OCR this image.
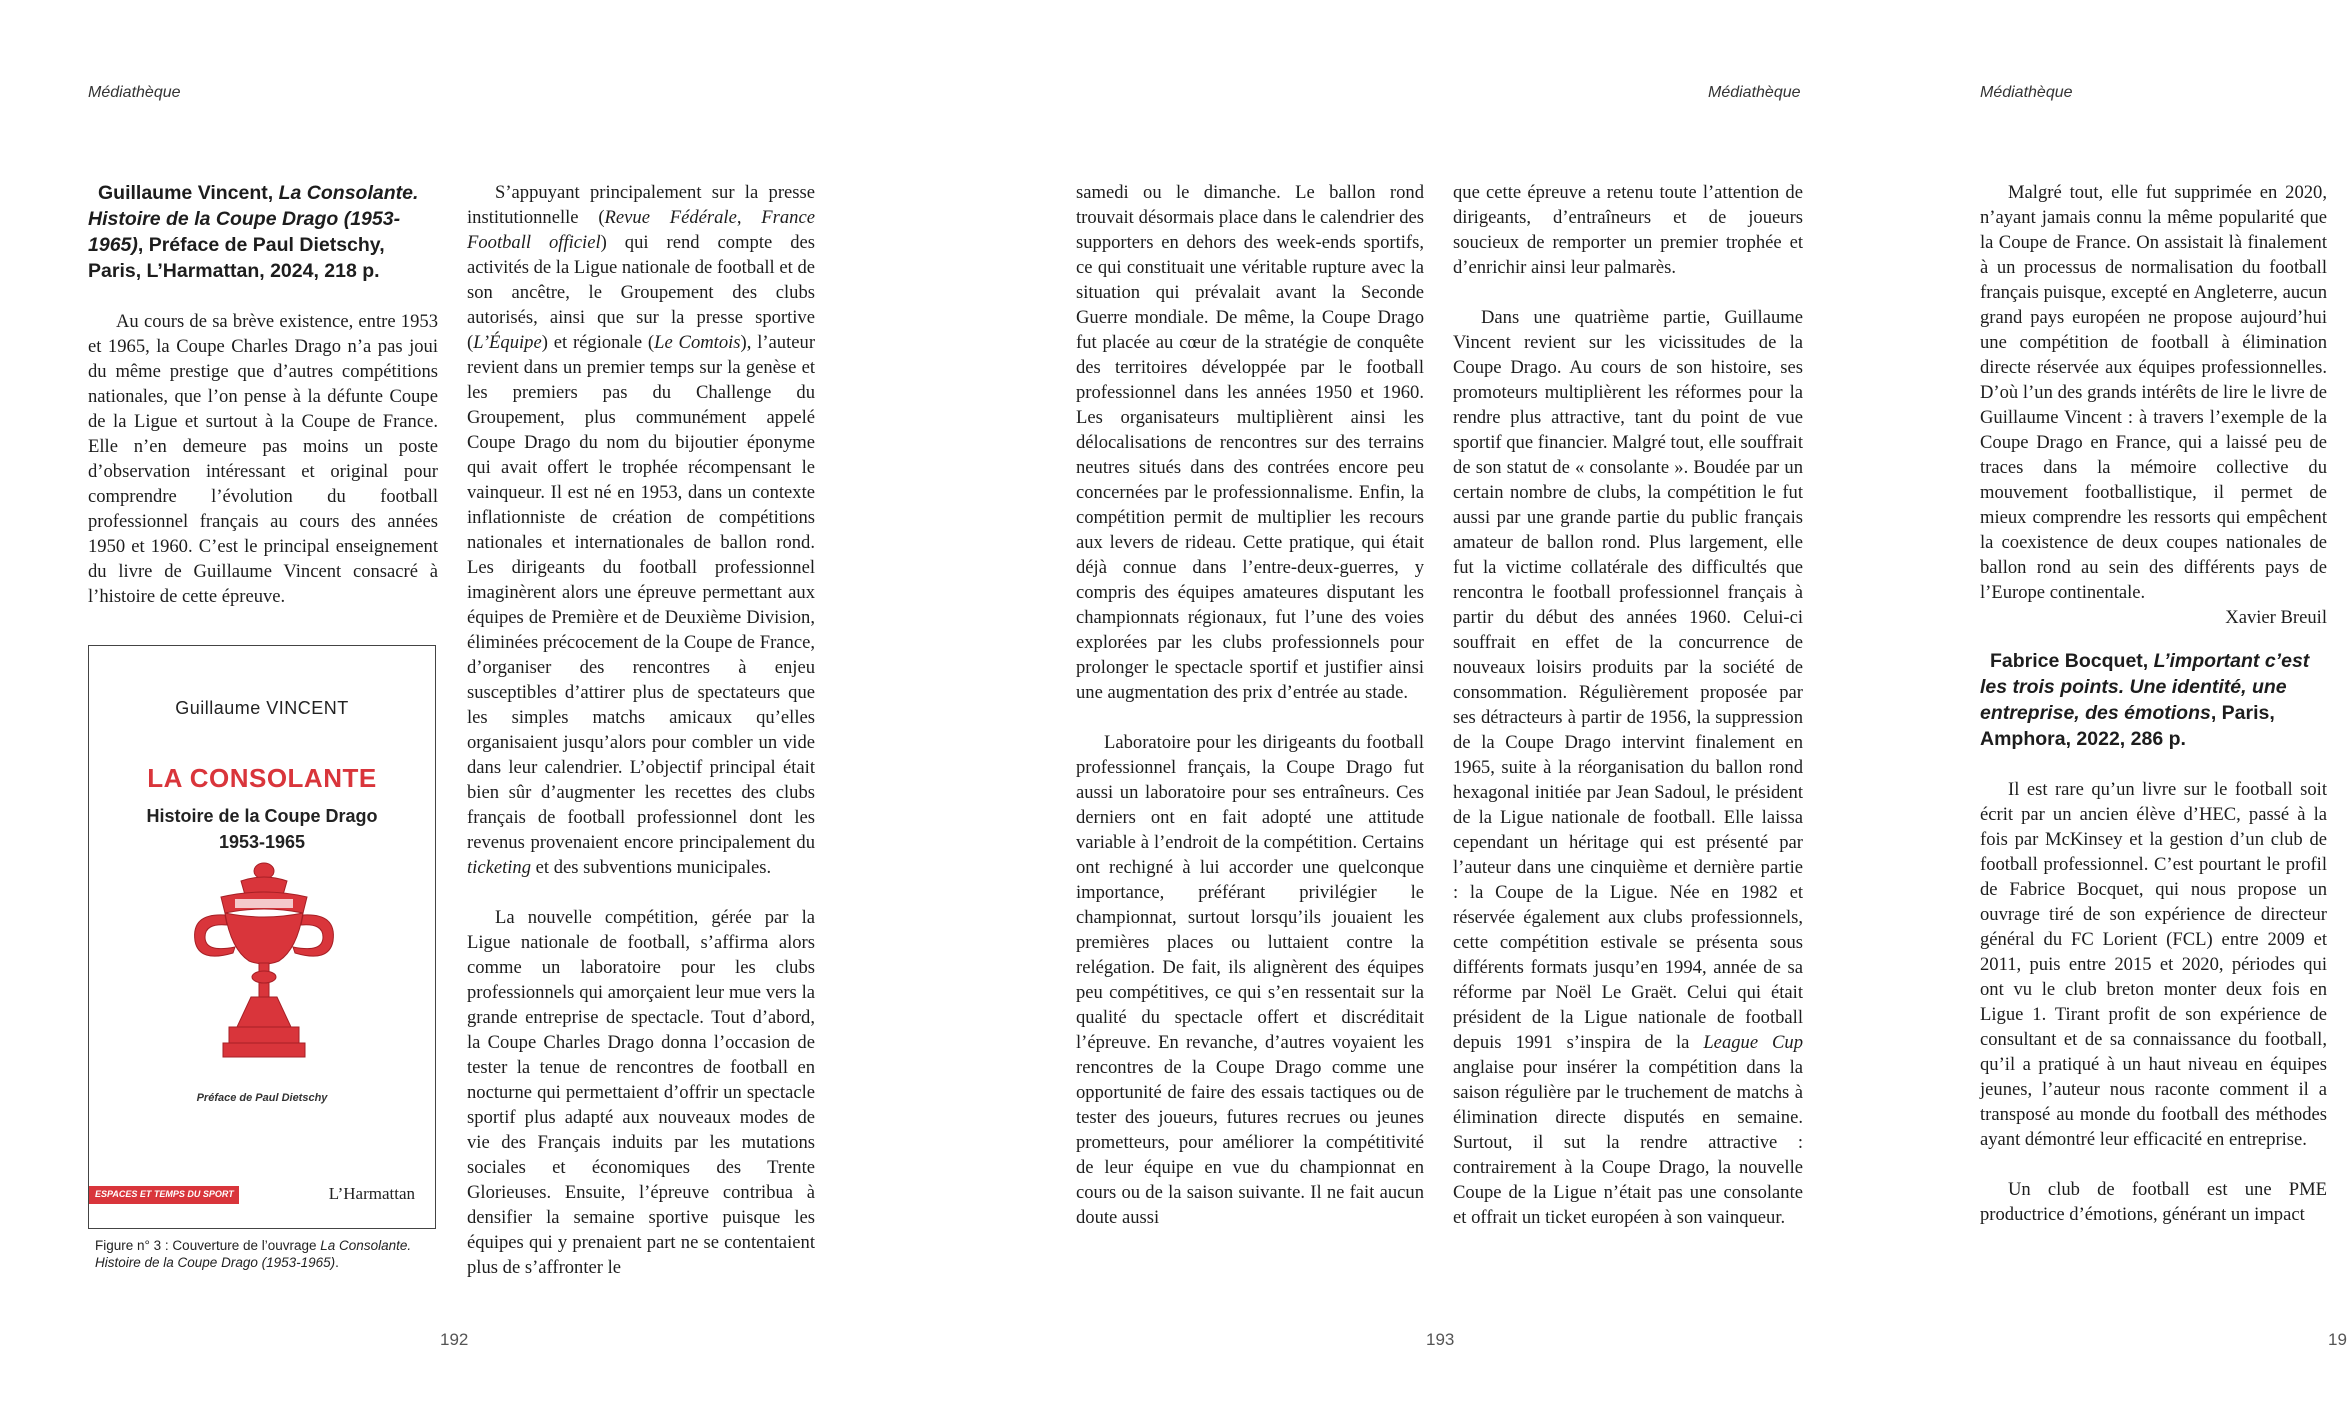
Médiathèque	Médiathèque	Médiathèque
Guillaume Vincent, La Consolante. Histoire de la Coupe Drago (1953-1965), Préface de Paul Dietschy, Paris, L’Harmattan, 2024, 218 p.

Au cours de sa brève existence, entre 1953 et 1965, la Coupe Charles Drago n’a pas joui du même prestige que d’autres compétitions nationales, que l’on pense à la défunte Coupe de la Ligue et surtout à la Coupe de France. Elle n’en demeure pas moins un poste d’observation intéressant et original pour comprendre l’évolution du football professionnel français au cours des années 1950 et 1960. C’est le principal enseignement du livre de Guillaume Vincent consacré à l’histoire de cette épreuve.

Guillaume VINCENT
LA CONSOLANTE
Histoire de la Coupe Drago
1953-1965
Préface de Paul Dietschy
ESPACES ET TEMPS DU SPORT	L’Harmattan
Figure n° 3 : Couverture de l’ouvrage La Consolante. Histoire de la Coupe Drago (1953-1965).

S’appuyant principalement sur la presse institutionnelle (Revue Fédérale, France Football officiel) qui rend compte des activités de la Ligue nationale de football et de son ancêtre, le Groupement des clubs autorisés, ainsi que sur la presse sportive (L’Équipe) et régionale (Le Comtois), l’auteur revient dans un premier temps sur la genèse et les premiers pas du Challenge du Groupement, plus communément appelé Coupe Drago du nom du bijoutier éponyme qui avait offert le trophée récompensant le vainqueur. Il est né en 1953, dans un contexte inflationniste de création de compétitions nationales et internationales de ballon rond. Les dirigeants du football professionnel imaginèrent alors une épreuve permettant aux équipes de Première et de Deuxième Division, éliminées précocement de la Coupe de France, d’organiser des rencontres à enjeu susceptibles d’attirer plus de spectateurs que les simples matchs amicaux qu’elles organisaient jusqu’alors pour combler un vide dans leur calendrier. L’objectif principal était bien sûr d’augmenter les recettes des clubs français de football professionnel dont les revenus provenaient encore principalement du ticketing et des subventions municipales.

La nouvelle compétition, gérée par la Ligue nationale de football, s’affirma alors comme un laboratoire pour les clubs professionnels qui amorçaient leur mue vers la grande entreprise de spectacle. Tout d’abord, la Coupe Charles Drago donna l’occasion de tester la tenue de rencontres de football en nocturne qui permettaient d’offrir un spectacle sportif plus adapté aux nouveaux modes de vie des Français induits par les mutations sociales et économiques des Trente Glorieuses. Ensuite, l’épreuve contribua à densifier la semaine sportive puisque les équipes qui y prenaient part ne se contentaient plus de s’affronter le

192

samedi ou le dimanche. Le ballon rond trouvait désormais place dans le calendrier des supporters en dehors des week-ends sportifs, ce qui constituait une véritable rupture avec la situation qui prévalait avant la Seconde Guerre mondiale. De même, la Coupe Drago fut placée au cœur de la stratégie de conquête des territoires développée par le football professionnel dans les années 1950 et 1960. Les organisateurs multiplièrent ainsi les délocalisations de rencontres sur des terrains neutres situés dans des contrées encore peu concernées par le professionnalisme. Enfin, la compétition permit de multiplier les recours aux levers de rideau. Cette pratique, qui était déjà connue dans l’entre-deux-guerres, y compris des équipes amateures disputant les championnats régionaux, fut l’une des voies explorées par les clubs professionnels pour prolonger le spectacle sportif et justifier ainsi une augmentation des prix d’entrée au stade.

Laboratoire pour les dirigeants du football professionnel français, la Coupe Drago fut aussi un laboratoire pour ses entraîneurs. Ces derniers ont en fait adopté une attitude variable à l’endroit de la compétition. Certains ont rechigné à lui accorder une quelconque importance, préférant privilégier le championnat, surtout lorsqu’ils jouaient les premières places ou luttaient contre la relégation. De fait, ils alignèrent des équipes peu compétitives, ce qui s’en ressentait sur la qualité du spectacle offert et discréditait l’épreuve. En revanche, d’autres voyaient les rencontres de la Coupe Drago comme une opportunité de faire des essais tactiques ou de tester des joueurs, futures recrues ou jeunes prometteurs, pour améliorer la compétitivité de leur équipe en vue du championnat en cours ou de la saison suivante. Il ne fait aucun doute aussi

que cette épreuve a retenu toute l’attention de dirigeants, d’entraîneurs et de joueurs soucieux de remporter un premier trophée et d’enrichir ainsi leur palmarès.

Dans une quatrième partie, Guillaume Vincent revient sur les vicissitudes de la Coupe Drago. Au cours de son histoire, ses promoteurs multiplièrent les réformes pour la rendre plus attractive, tant du point de vue sportif que financier. Malgré tout, elle souffrait de son statut de « consolante ». Boudée par un certain nombre de clubs, la compétition le fut aussi par une grande partie du public français amateur de ballon rond. Plus largement, elle fut la victime collatérale des difficultés que rencontra le football professionnel français à partir du début des années 1960. Celui-ci souffrait en effet de la concurrence de nouveaux loisirs produits par la société de consommation. Régulièrement proposée par ses détracteurs à partir de 1956, la suppression de la Coupe Drago intervint finalement en 1965, suite à la réorganisation du ballon rond hexagonal initiée par Jean Sadoul, le président de la Ligue nationale de football. Elle laissa cependant un héritage qui est présenté par l’auteur dans une cinquième et dernière partie : la Coupe de la Ligue. Née en 1982 et réservée également aux clubs professionnels, cette compétition estivale se présenta sous différents formats jusqu’en 1994, année de sa réforme par Noël Le Graët. Celui qui était président de la Ligue nationale de football depuis 1991 s’inspira de la League Cup anglaise pour insérer la compétition dans la saison régulière par le truchement de matchs à élimination directe disputés en semaine. Surtout, il sut la rendre attractive : contrairement à la Coupe Drago, la nouvelle Coupe de la Ligue n’était pas une consolante et offrait un ticket européen à son vainqueur.

193

Malgré tout, elle fut supprimée en 2020, n’ayant jamais connu la même popularité que la Coupe de France. On assistait là finalement à un processus de normalisation du football français puisque, excepté en Angleterre, aucun grand pays européen ne propose aujourd’hui une compétition de football à élimination directe réservée aux équipes professionnelles. D’où l’un des grands intérêts de lire le livre de Guillaume Vincent : à travers l’exemple de la Coupe Drago en France, qui a laissé peu de traces dans la mémoire collective du mouvement footballistique, il permet de mieux comprendre les ressorts qui empêchent la coexistence de deux coupes nationales de ballon rond au sein des différents pays de l’Europe continentale.

Xavier Breuil

Fabrice Bocquet, L’important c’est les trois points. Une identité, une entreprise, des émotions, Paris, Amphora, 2022, 286 p.

Il est rare qu’un livre sur le football soit écrit par un ancien élève d’HEC, passé à la fois par McKinsey et la gestion d’un club de football professionnel. C’est pourtant le profil de Fabrice Bocquet, qui nous propose un ouvrage tiré de son expérience de directeur général du FC Lorient (FCL) entre 2009 et 2011, puis entre 2015 et 2020, périodes qui ont vu le club breton monter deux fois en Ligue 1. Tirant profit de son expérience de consultant et de sa connaissance du football, qu’il a pratiqué à un haut niveau en équipes jeunes, l’auteur nous raconte comment il a transposé au monde du football des méthodes ayant démontré leur efficacité en entreprise.

Un club de football est une PME productrice d’émotions, générant un impact

19
